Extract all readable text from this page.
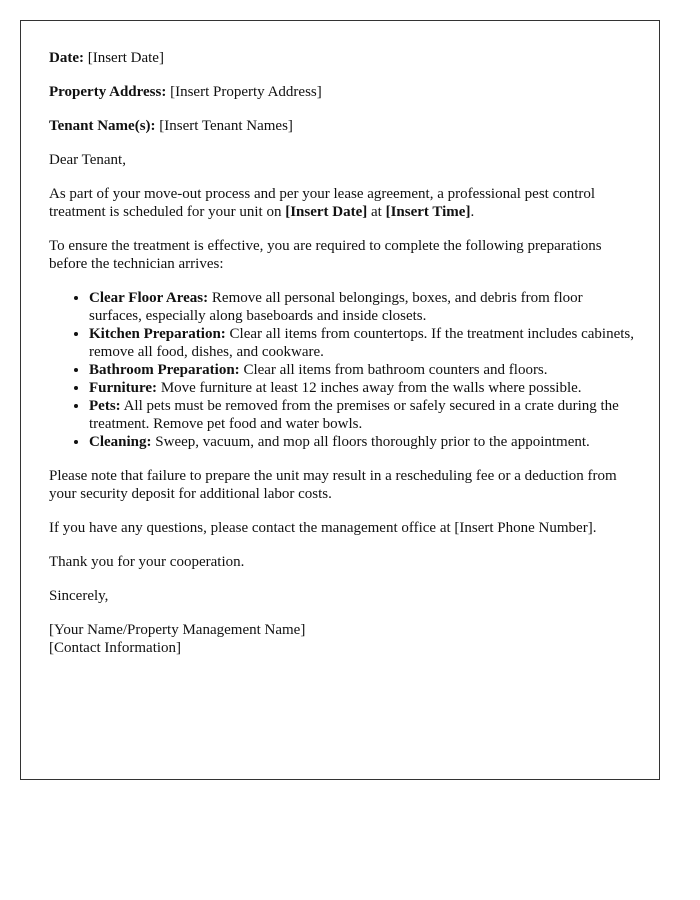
Date: [Insert Date]

Property Address: [Insert Property Address]

Tenant Name(s): [Insert Tenant Names]

Dear Tenant,

As part of your move-out process and per your lease agreement, a professional pest control treatment is scheduled for your unit on [Insert Date] at [Insert Time].

To ensure the treatment is effective, you are required to complete the following preparations before the technician arrives:

• Clear Floor Areas: Remove all personal belongings, boxes, and debris from floor surfaces, especially along baseboards and inside closets.
• Kitchen Preparation: Clear all items from countertops. If the treatment includes cabinets, remove all food, dishes, and cookware.
• Bathroom Preparation: Clear all items from bathroom counters and floors.
• Furniture: Move furniture at least 12 inches away from the walls where possible.
• Pets: All pets must be removed from the premises or safely secured in a crate during the treatment. Remove pet food and water bowls.
• Cleaning: Sweep, vacuum, and mop all floors thoroughly prior to the appointment.

Please note that failure to prepare the unit may result in a rescheduling fee or a deduction from your security deposit for additional labor costs.

If you have any questions, please contact the management office at [Insert Phone Number].

Thank you for your cooperation.

Sincerely,

[Your Name/Property Management Name]
[Contact Information]
